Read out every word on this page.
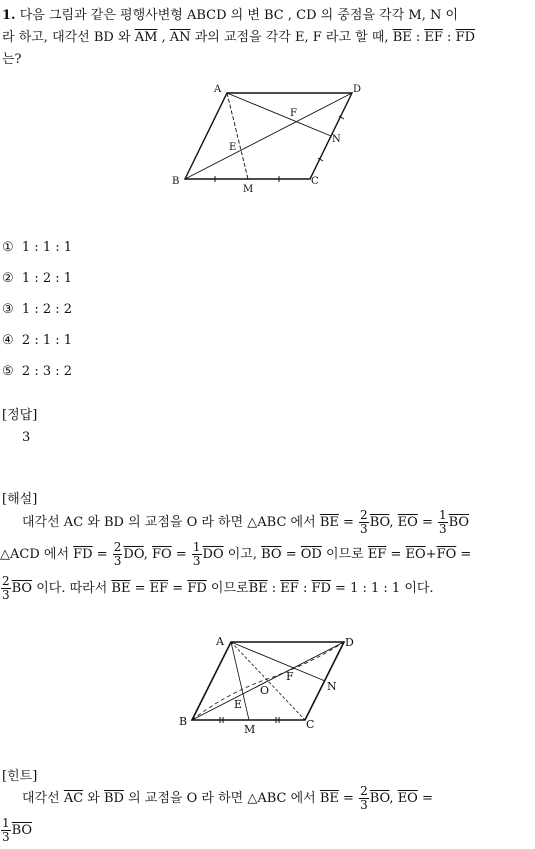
1. 다음 그림과 같은 평행사변형 ABCD 의 변 BC , CD 의 중점을 각각 M, N 이
라 하고, 대각선 BD 와 $\overline{AM}$ , $\overline{AN}$ 과의 교점을 각각 E, F 라고 할 때, $\overline{BE}$ : $\overline{EF}$ : $\overline{FD}$
는?
A	D
B	C
M
N
F
E
① 1 : 1 : 1
② 1 : 2 : 1
③ 1 : 2 : 2
④ 2 : 1 : 1
⑤ 2 : 3 : 2
[정답]
3
[해설]
대각선 AC 와 BD 의 교점을 O 라 하면 △ABC 에서 $\overline{BE} = \frac{2}{3} \overline{BO}$, $\overline{EO} = \frac{1}{3} \overline{BO}$
△ACD 에서 $\overline{FD} = \frac{2}{3} \overline{DO}$, $\overline{FO} = \frac{1}{3} \overline{DO}$ 이고, $\overline{BO} = \overline{OD}$ 이므로 $\overline{EF} = \overline{EO}+\overline{FO}$ =
$\frac{2}{3} \overline{BO}$ 이다. 따라서 $\overline{BE} = \overline{EF} = \overline{FD}$ 이므로$\overline{BE}$ : $\overline{EF}$ : $\overline{FD} = 1$ : 1 : 1 이다.
A	D
B	C
M
N
F
E
O
[힌트]
대각선 $\overline{AC}$ 와 $\overline{BD}$ 의 교점을 O 라 하면 △ABC 에서 $\overline{BE} = \frac{2}{3} \overline{BO}$, $\overline{EO}$ =
$\frac{1}{3} \overline{BO}$
